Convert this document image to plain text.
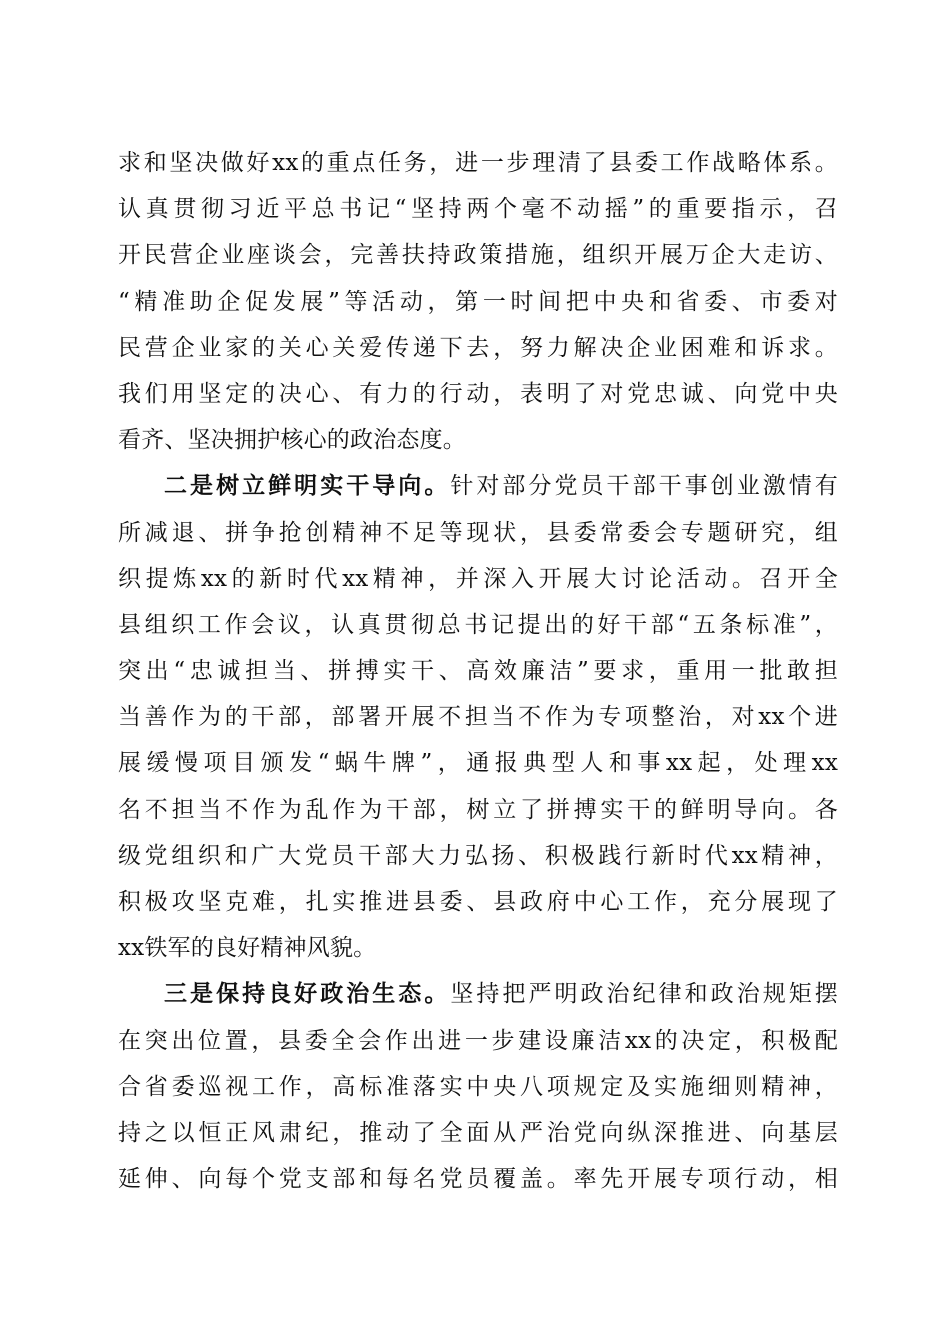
求和坚决做好xx的重点任务，进一步理清了县委工作战略体系。
认真贯彻习近平总书记“坚持两个毫不动摇”的重要指示，召
开民营企业座谈会，完善扶持政策措施，组织开展万企大走访、
“精准助企促发展”等活动，第一时间把中央和省委、市委对
民营企业家的关心关爱传递下去，努力解决企业困难和诉求。
我们用坚定的决心、有力的行动，表明了对党忠诚、向党中央
看齐、坚决拥护核心的政治态度。
二是树立鲜明实干导向。针对部分党员干部干事创业激情有
所减退、拼争抢创精神不足等现状，县委常委会专题研究，组
织提炼xx的新时代xx精神，并深入开展大讨论活动。召开全
县组织工作会议，认真贯彻总书记提出的好干部“五条标准”，
突出“忠诚担当、拼搏实干、高效廉洁”要求，重用一批敢担
当善作为的干部，部署开展不担当不作为专项整治，对xx个进
展缓慢项目颁发“蜗牛牌”，通报典型人和事xx起，处理xx
名不担当不作为乱作为干部，树立了拼搏实干的鲜明导向。各
级党组织和广大党员干部大力弘扬、积极践行新时代xx精神，
积极攻坚克难，扎实推进县委、县政府中心工作，充分展现了
xx铁军的良好精神风貌。
三是保持良好政治生态。坚持把严明政治纪律和政治规矩摆
在突出位置，县委全会作出进一步建设廉洁xx的决定，积极配
合省委巡视工作，高标准落实中央八项规定及实施细则精神，
持之以恒正风肃纪，推动了全面从严治党向纵深推进、向基层
延伸、向每个党支部和每名党员覆盖。率先开展专项行动，相
